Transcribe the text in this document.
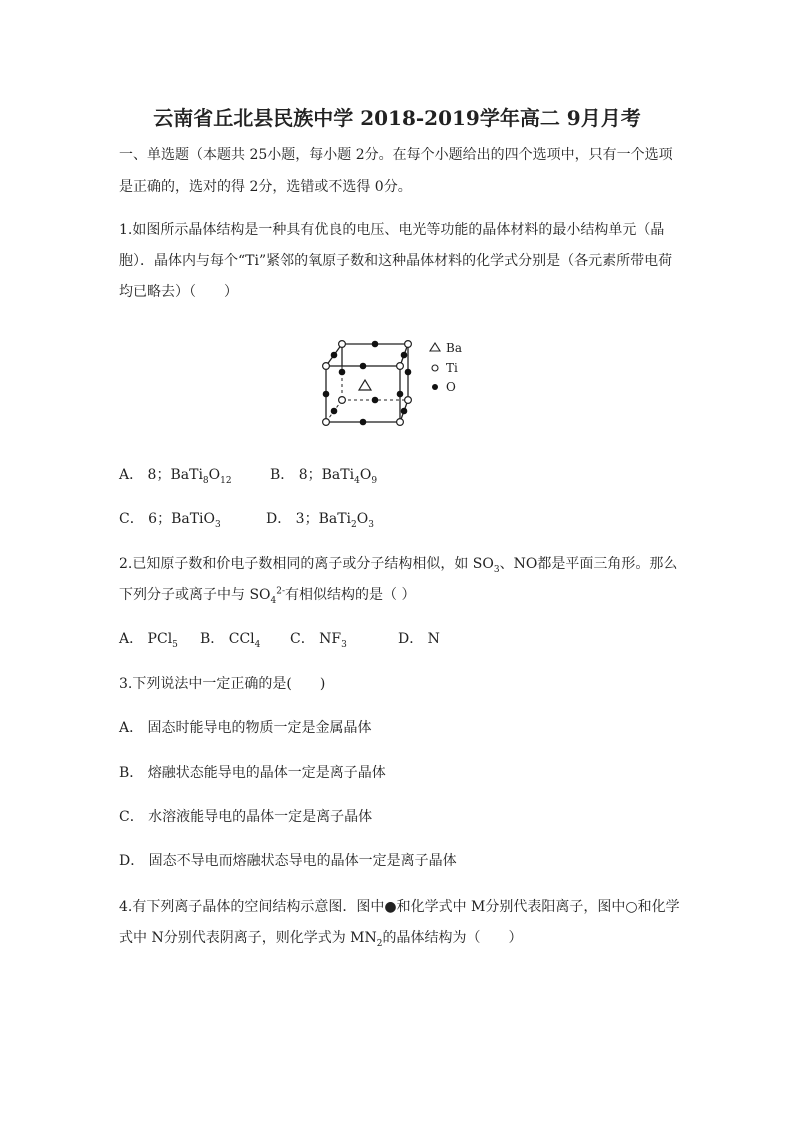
云南省丘北县民族中学 2018-2019学年高二 9月月考
一、单选题（本题共 25小题，每小题 2分。在每个小题给出的四个选项中，只有一个选项
是正确的，选对的得 2分，选错或不选得 0分。
1.如图所示晶体结构是一种具有优良的电压、电光等功能的晶体材料的最小结构单元（晶
胞）．晶体内与每个“Ti”紧邻的氧原子数和这种晶体材料的化学式分别是（各元素所带电荷
均已略去）（　　）
Ba
Ti
O
A． 8；$BaTi_8O_{12}$	B． 8；$BaTi_4O_9$
C． 6；BaTiO$_3$	D． 3；$BaTi_2O_3$
2.已知原子数和价电子数相同的离子或分子结构相似，如 $SO_3$、NO都是平面三角形。那么
下列分子或离子中与 $SO_4^{2-}$有相似结构的是（ ）
A． PCl$_5$ B． CCl$_4$ C． $NF_3$	D． N
3.下列说法中一定正确的是(　　)
A． 固态时能导电的物质一定是金属晶体
B． 熔融状态能导电的晶体一定是离子晶体
C． 水溶液能导电的晶体一定是离子晶体
D． 固态不导电而熔融状态导电的晶体一定是离子晶体
4.有下列离子晶体的空间结构示意图．图中●和化学式中 M分别代表阳离子，图中○和化学
式中 N分别代表阴离子，则化学式为 $MN_2$的晶体结构为（　　）
